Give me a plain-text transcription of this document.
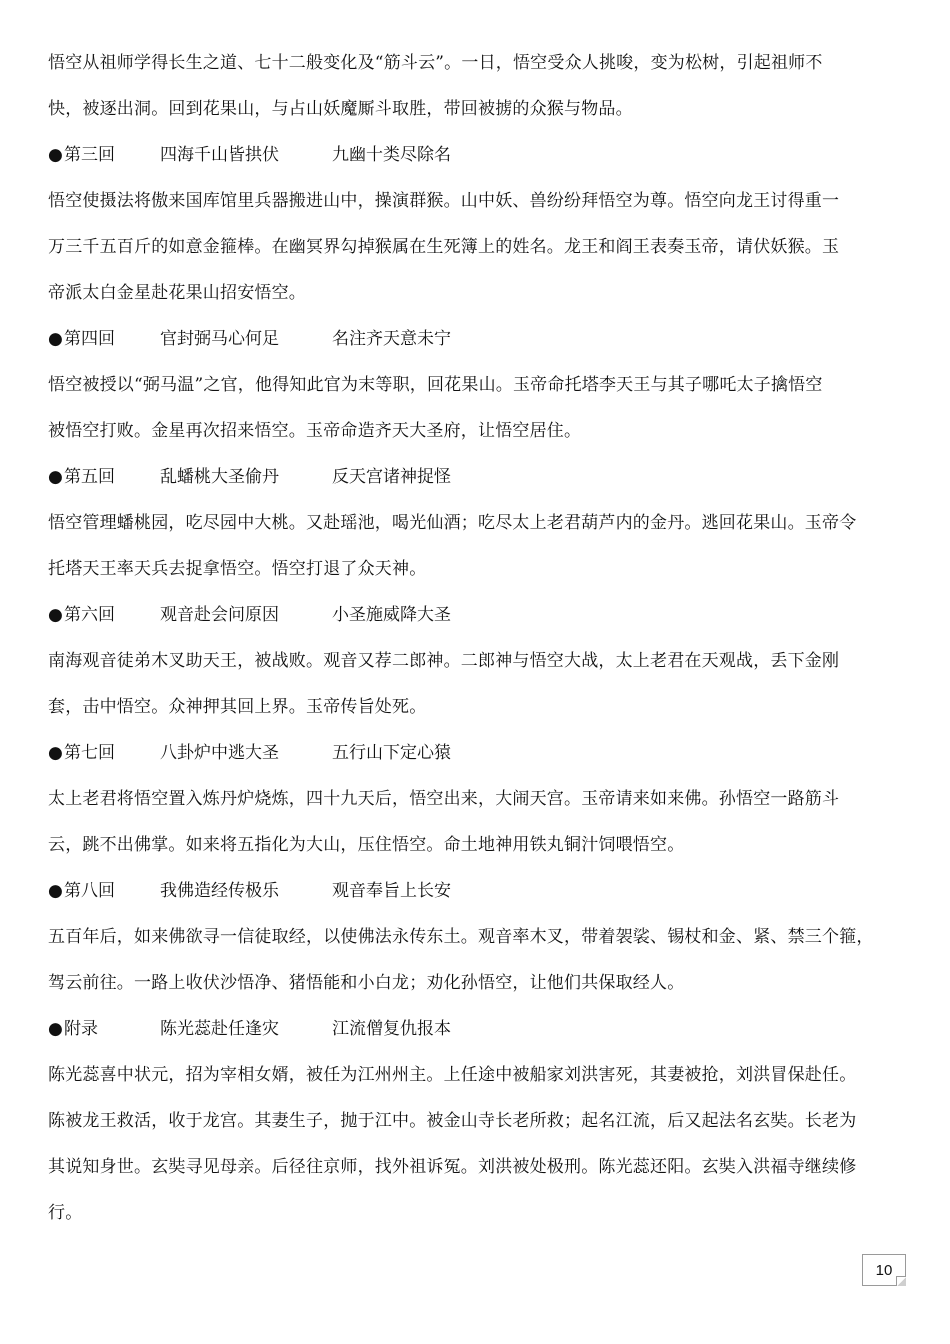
悟空从祖师学得长生之道、七十二般变化及“筋斗云”。一日，悟空受众人挑唆，变为松树，引起祖师不
快，被逐出洞。回到花果山，与占山妖魔厮斗取胜，带回被掳的众猴与物品。
●第三回	四海千山皆拱伏	九幽十类尽除名
悟空使摄法将傲来国库馆里兵器搬进山中，操演群猴。山中妖、兽纷纷拜悟空为尊。悟空向龙王讨得重一
万三千五百斤的如意金箍棒。在幽冥界勾掉猴属在生死簿上的姓名。龙王和阎王表奏玉帝，请伏妖猴。玉
帝派太白金星赴花果山招安悟空。
●第四回	官封弼马心何足	名注齐天意未宁
悟空被授以“弼马温”之官，他得知此官为末等职，回花果山。玉帝命托塔李天王与其子哪吒太子擒悟空
被悟空打败。金星再次招来悟空。玉帝命造齐天大圣府，让悟空居住。
●第五回	乱蟠桃大圣偷丹	反天宫诸神捉怪
悟空管理蟠桃园，吃尽园中大桃。又赴瑶池，喝光仙酒；吃尽太上老君葫芦内的金丹。逃回花果山。玉帝令
托塔天王率天兵去捉拿悟空。悟空打退了众天神。
●第六回	观音赴会问原因	小圣施威降大圣
南海观音徒弟木叉助天王，被战败。观音又荐二郎神。二郎神与悟空大战，太上老君在天观战，丢下金刚
套，击中悟空。众神押其回上界。玉帝传旨处死。
●第七回	八卦炉中逃大圣	五行山下定心猿
太上老君将悟空置入炼丹炉烧炼，四十九天后，悟空出来，大闹天宫。玉帝请来如来佛。孙悟空一路筋斗
云，跳不出佛掌。如来将五指化为大山，压住悟空。命土地神用铁丸铜汁饲喂悟空。
●第八回	我佛造经传极乐	观音奉旨上长安
五百年后，如来佛欲寻一信徒取经，以使佛法永传东土。观音率木叉，带着袈裟、锡杖和金、紧、禁三个箍，
驾云前往。一路上收伏沙悟净、猪悟能和小白龙；劝化孙悟空，让他们共保取经人。
●附录	陈光蕊赴任逢灾	江流僧复仇报本
陈光蕊喜中状元，招为宰相女婿，被任为江州州主。上任途中被船家刘洪害死，其妻被抢，刘洪冒保赴任。
陈被龙王救活，收于龙宫。其妻生子，抛于江中。被金山寺长老所救；起名江流，后又起法名玄奘。长老为
其说知身世。玄奘寻见母亲。后径往京师，找外祖诉冤。刘洪被处极刑。陈光蕊还阳。玄奘入洪福寺继续修
行。
10
